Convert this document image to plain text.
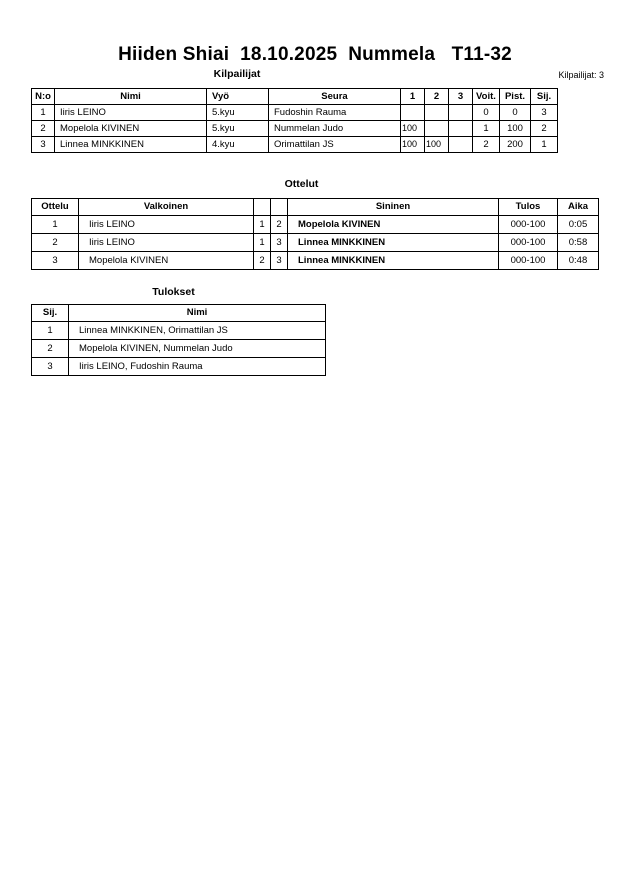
Hiiden Shiai  18.10.2025  Nummela   T11-32
Kilpailijat	Kilpailijat: 3
N:o	Nimi	Vyö	Seura	1	2	3	Voit.	Pist.	Sij.
1	Iiris LEINO	5.kyu	Fudoshin Rauma				0	0	3
2	Mopelola KIVINEN	5.kyu	Nummelan Judo	100			1	100	2
3	Linnea MINKKINEN	4.kyu	Orimattilan JS	100	100		2	200	1
Ottelut
Ottelu	Valkoinen			Sininen	Tulos	Aika
1	Iiris LEINO	1	2	Mopelola KIVINEN	000-100	0:05
2	Iiris LEINO	1	3	Linnea MINKKINEN	000-100	0:58
3	Mopelola KIVINEN	2	3	Linnea MINKKINEN	000-100	0:48
Tulokset
Sij.	Nimi
1	Linnea MINKKINEN, Orimattilan JS
2	Mopelola KIVINEN, Nummelan Judo
3	Iiris LEINO, Fudoshin Rauma
